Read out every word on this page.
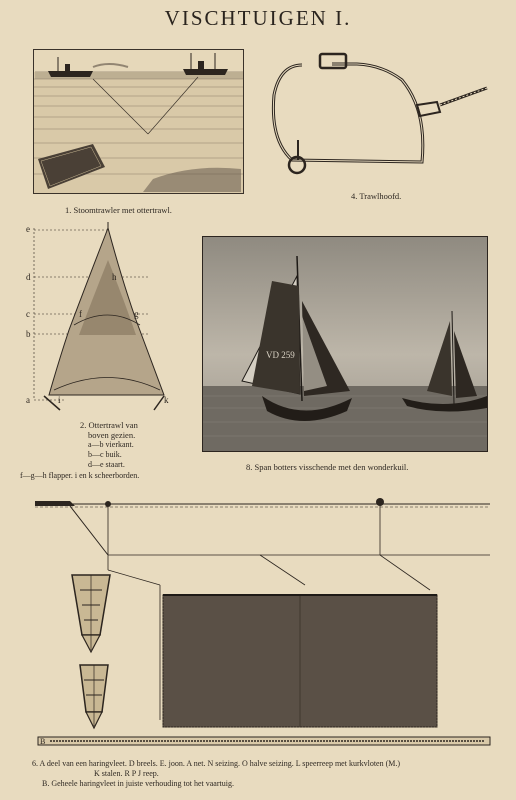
VISCHTUIGEN I.
1. Stoomtrawler met ottertrawl.
4. Trawlhoofd.
e
d
c
b
a
f	g
h
i	k
2. Ottertrawl van
boven gezien.
a—b vierkant.
b—c buik.
d—e staart.
f—g—h flapper. i en k scheerborden.
VD 259
8. Span botters visschende met den wonderkuil.
B
6. A deel van een haringvleet. D breels. E. joon. A net. N seizing. O halve seizing. L speerreep met kurkvloten (M.)
K stalen. R P J reep.
B. Geheele haringvleet in juiste verhouding tot het vaartuig.
